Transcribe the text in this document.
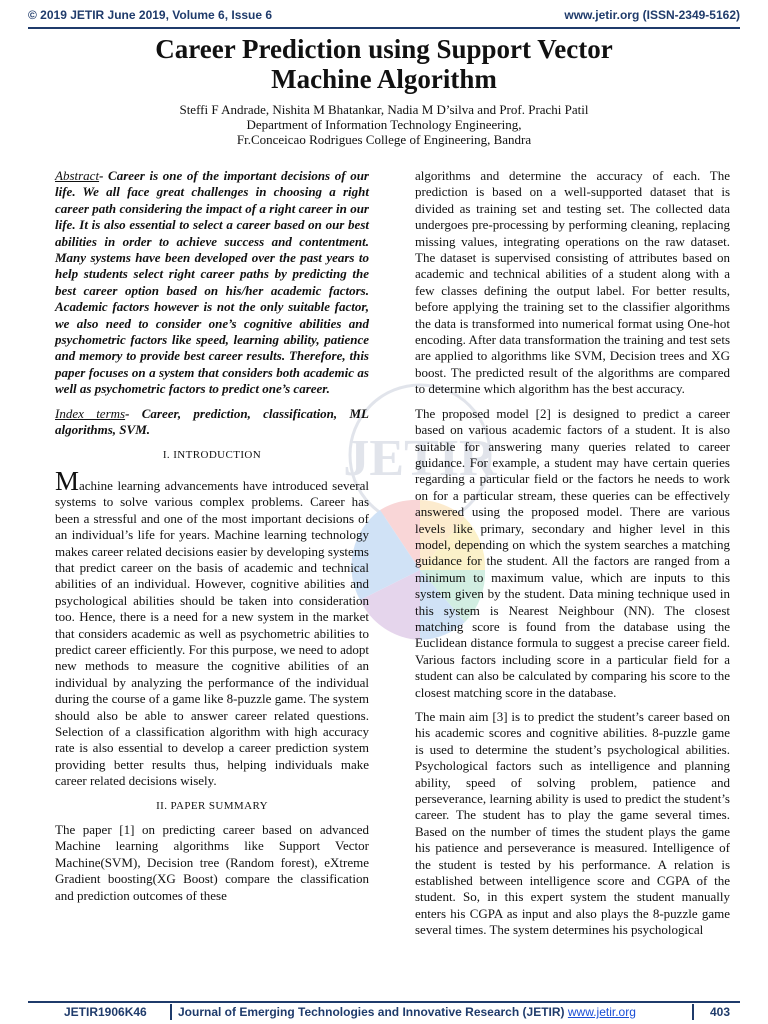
© 2019 JETIR June 2019, Volume 6, Issue 6	www.jetir.org (ISSN-2349-5162)
Career Prediction using Support Vector
Machine Algorithm
Steffi F Andrade, Nishita M Bhatankar, Nadia M D’silva and Prof. Prachi Patil
Department of Information Technology Engineering,
Fr.Conceicao Rodrigues College of Engineering, Bandra
JETIR

Abstract- Career is one of the important decisions of our life. We all face great challenges in choosing a right career path considering the impact of a right career in our life. It is also essential to select a career based on our best abilities in order to achieve success and contentment. Many systems have been developed over the past years to help students select right career paths by predicting the best career option based on his/her academic factors. Academic factors however is not the only suitable factor, we also need to consider one’s cognitive abilities and psychometric factors like speed, learning ability, patience and memory to provide best career results. Therefore, this paper focuses on a system that considers both academic as well as psychometric factors to predict one’s career.

Index terms- Career, prediction, classification, ML algorithms, SVM.

I. INTRODUCTION

Machine learning advancements have introduced several systems to solve various complex problems. Career has been a stressful and one of the most important decisions of an individual’s life for years. Machine learning technology makes career related decisions easier by developing systems that predict career on the basis of academic and technical abilities of an individual. However, cognitive abilities and psychological abilities should be taken into consideration too. Hence, there is a need for a new system in the market that considers academic as well as psychometric abilities to predict career efficiently. For this purpose, we need to adopt new methods to measure the cognitive abilities of an individual by analyzing the performance of the individual during the course of a game like 8-puzzle game. The system should also be able to answer career related questions. Selection of a classification algorithm with high accuracy rate is also essential to develop a career prediction system providing better results thus, helping individuals make career related decisions wisely.

II. PAPER SUMMARY

The paper [1] on predicting career based on advanced Machine learning algorithms like Support Vector Machine(SVM), Decision tree (Random forest), eXtreme Gradient boosting(XG Boost) compare the classification and prediction outcomes of these

algorithms and determine the accuracy of each. The prediction is based on a well-supported dataset that is divided as training set and testing set. The collected data undergoes pre-processing by performing cleaning, replacing missing values, integrating operations on the raw dataset. The dataset is supervised consisting of attributes based on academic and technical abilities of a student along with a few classes defining the output label. For better results, before applying the training set to the classifier algorithms the data is transformed into numerical format using One-hot encoding. After data transformation the training and test sets are applied to algorithms like SVM, Decision trees and XG boost. The predicted result of the algorithms are compared to determine which algorithm has the best accuracy.

The proposed model [2] is designed to predict a career based on various academic factors of a student. It is also suitable for answering many queries related to career guidance. For example, a student may have certain queries regarding a particular field or the factors he needs to work on for a particular stream, these queries can be effectively answered using the proposed model. There are various levels like primary, secondary and higher level in this model, depending on which the system searches a matching guidance for the student. All the factors are ranged from a minimum to maximum value, which are inputs to this system given by the student. Data mining technique used in this system is Nearest Neighbour (NN). The closest matching score is found from the database using the Euclidean distance formula to suggest a precise career field. Various factors including score in a particular field for a student can also be calculated by comparing his score to the closest matching score in the database.

The main aim [3] is to predict the student’s career based on his academic scores and cognitive abilities. 8-puzzle game is used to determine the student’s psychological abilities. Psychological factors such as intelligence and planning ability, speed of solving problem, patience and perseverance, learning ability is used to predict the student’s career. The student has to play the game several times. Based on the number of times the student plays the game his patience and perseverance is measured. Intelligence of the student is tested by his performance. A relation is established between intelligence score and CGPA of the student. So, in this expert system the student manually enters his CGPA as input and also plays the 8-puzzle game several times. The system determines his psychological

JETIR1906K46	Journal of Emerging Technologies and Innovative Research (JETIR) www.jetir.org	403
